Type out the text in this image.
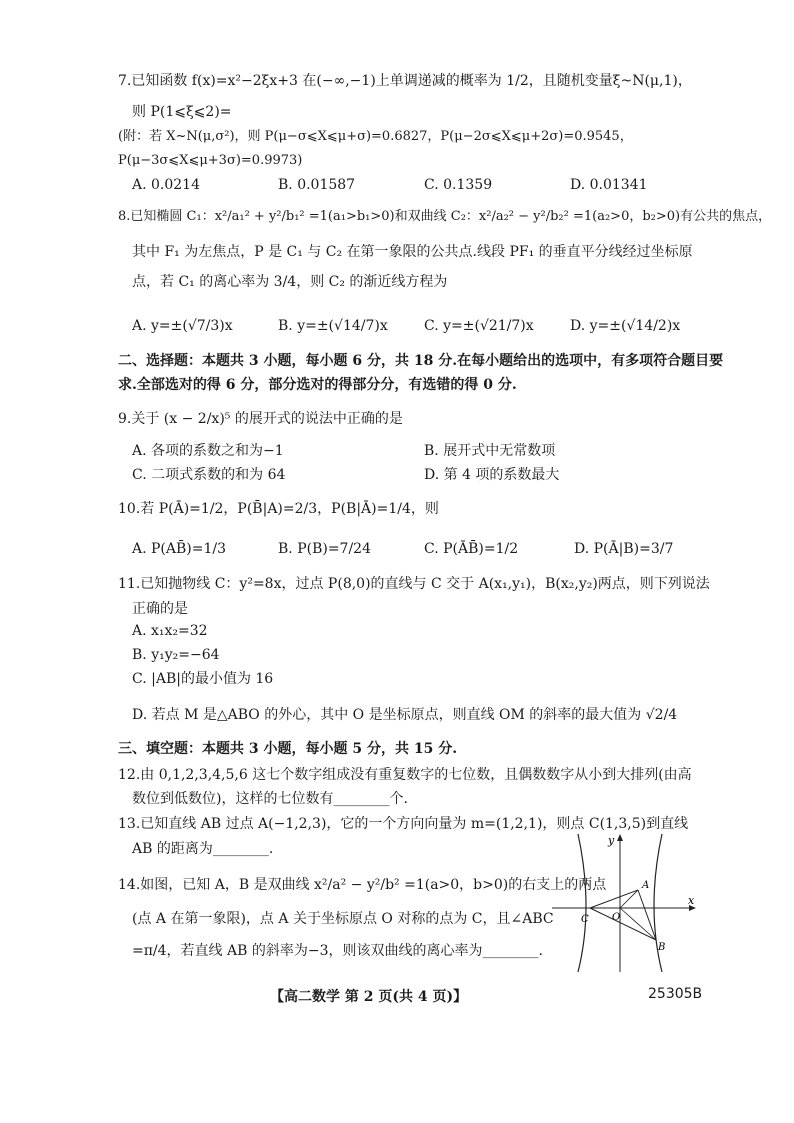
7.已知函数 f(x)=x²−2ξx+3 在(−∞,−1)上单调递减的概率为 1/2，且随机变量ξ~N(μ,1)，
则 P(1⩽ξ⩽2)=
(附：若 X~N(μ,σ²)，则 P(μ−σ⩽X⩽μ+σ)=0.6827，P(μ−2σ⩽X⩽μ+2σ)=0.9545，
P(μ−3σ⩽X⩽μ+3σ)=0.9973)
A. 0.0214	B. 0.01587	C. 0.1359	D. 0.01341
8.已知椭圆 C₁：x²/a₁² + y²/b₁² =1(a₁>b₁>0)和双曲线 C₂：x²/a₂² − y²/b₂² =1(a₂>0，b₂>0)有公共的焦点，
其中 F₁ 为左焦点，P 是 C₁ 与 C₂ 在第一象限的公共点.线段 PF₁ 的垂直平分线经过坐标原
点，若 C₁ 的离心率为 3/4，则 C₂ 的渐近线方程为
A. y=±(√7/3)x	B. y=±(√14/7)x	C. y=±(√21/7)x	D. y=±(√14/2)x
二、选择题：本题共 3 小题，每小题 6 分，共 18 分.在每小题给出的选项中，有多项符合题目要
求.全部选对的得 6 分，部分选对的得部分分，有选错的得 0 分.
9.关于 (x − 2/x)⁵ 的展开式的说法中正确的是
A. 各项的系数之和为−1	B. 展开式中无常数项
C. 二项式系数的和为 64	D. 第 4 项的系数最大
10.若 P(Ā)=1/2，P(B̄|A)=2/3，P(B|Ā)=1/4，则
A. P(AB̄)=1/3	B. P(B)=7/24	C. P(ĀB̄)=1/2	D. P(Ā|B)=3/7
11.已知抛物线 C：y²=8x，过点 P(8,0)的直线与 C 交于 A(x₁,y₁)，B(x₂,y₂)两点，则下列说法
正确的是
A. x₁x₂=32
B. y₁y₂=−64
C. |AB|的最小值为 16
D. 若点 M 是△ABO 的外心，其中 O 是坐标原点，则直线 OM 的斜率的最大值为 √2/4
三、填空题：本题共 3 小题，每小题 5 分，共 15 分.
12.由 0,1,2,3,4,5,6 这七个数字组成没有重复数字的七位数，且偶数数字从小到大排列(由高
数位到低数位)，这样的七位数有________个.
13.已知直线 AB 过点 A(−1,2,3)，它的一个方向向量为 m=(1,2,1)，则点 C(1,3,5)到直线
AB 的距离为________.
14.如图，已知 A，B 是双曲线 x²/a² − y²/b² =1(a>0，b>0)的右支上的两点
(点 A 在第一象限)，点 A 关于坐标原点 O 对称的点为 C，且∠ABC
=π/4，若直线 AB 的斜率为−3，则该双曲线的离心率为________.
y
x
A
B
C O
【高二数学 第 2 页(共 4 页)】	25305B
